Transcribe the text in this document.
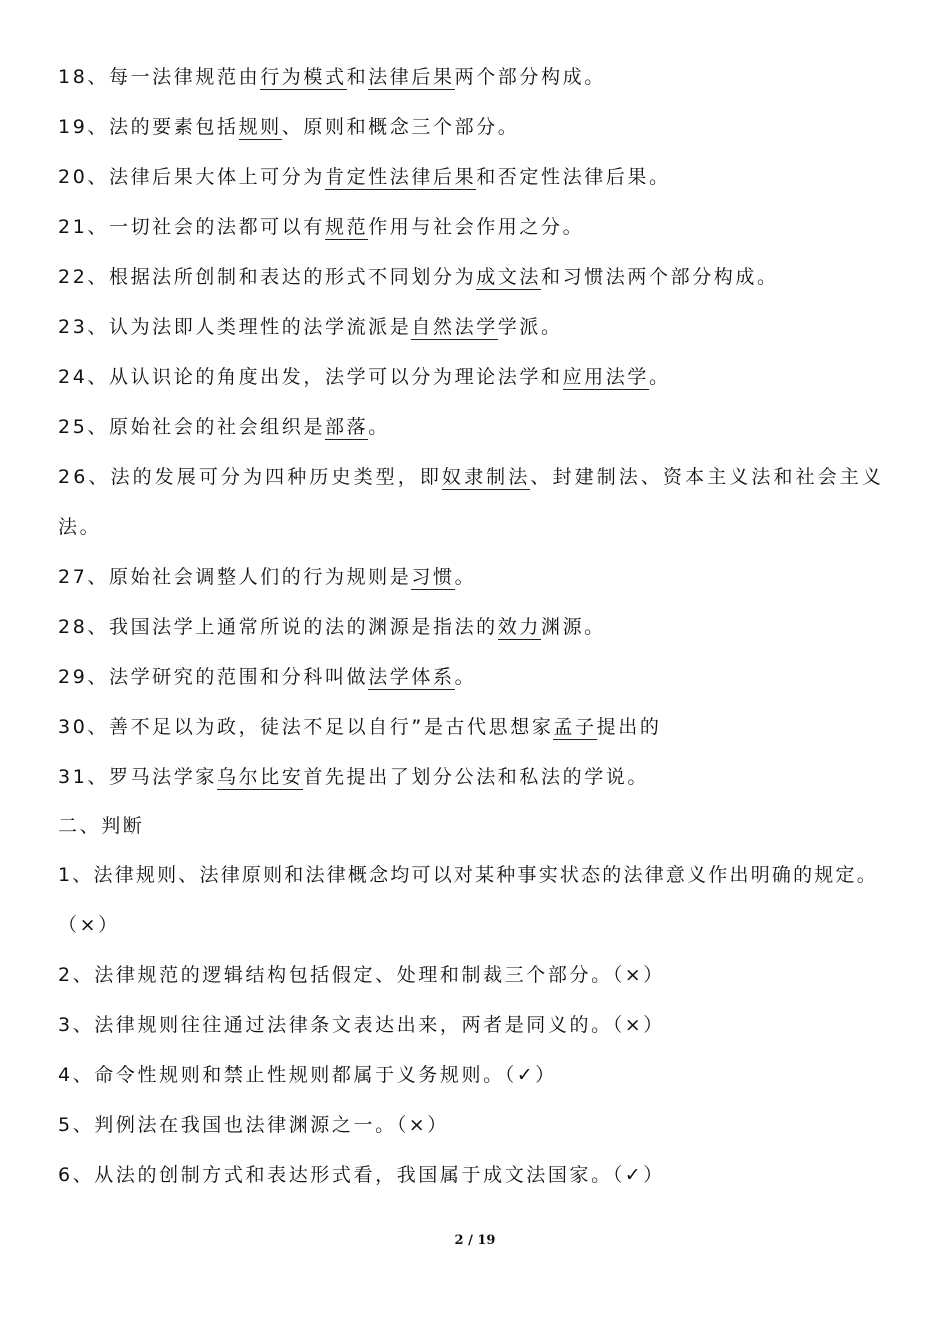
18、每一法律规范由行为模式和法律后果两个部分构成。
19、法的要素包括规则、原则和概念三个部分。
20、法律后果大体上可分为肯定性法律后果和否定性法律后果。
21、一切社会的法都可以有规范作用与社会作用之分。
22、根据法所创制和表达的形式不同划分为成文法和习惯法两个部分构成。
23、认为法即人类理性的法学流派是自然法学学派。
24、从认识论的角度出发，法学可以分为理论法学和应用法学。
25、原始社会的社会组织是部落。
26、法的发展可分为四种历史类型，即奴隶制法、封建制法、资本主义法和社会主义
法。
27、原始社会调整人们的行为规则是习惯。
28、我国法学上通常所说的法的渊源是指法的效力渊源。
29、法学研究的范围和分科叫做法学体系。
30、善不足以为政，徒法不足以自行”是古代思想家孟子提出的
31、罗马法学家乌尔比安首先提出了划分公法和私法的学说。
二、判断
1、法律规则、法律原则和法律概念均可以对某种事实状态的法律意义作出明确的规定。
（×）
2、法律规范的逻辑结构包括假定、处理和制裁三个部分。（×）
3、法律规则往往通过法律条文表达出来，两者是同义的。（×）
4、命令性规则和禁止性规则都属于义务规则。（✓）
5、判例法在我国也法律渊源之一。（×）
6、从法的创制方式和表达形式看，我国属于成文法国家。（✓）
2 / 19
